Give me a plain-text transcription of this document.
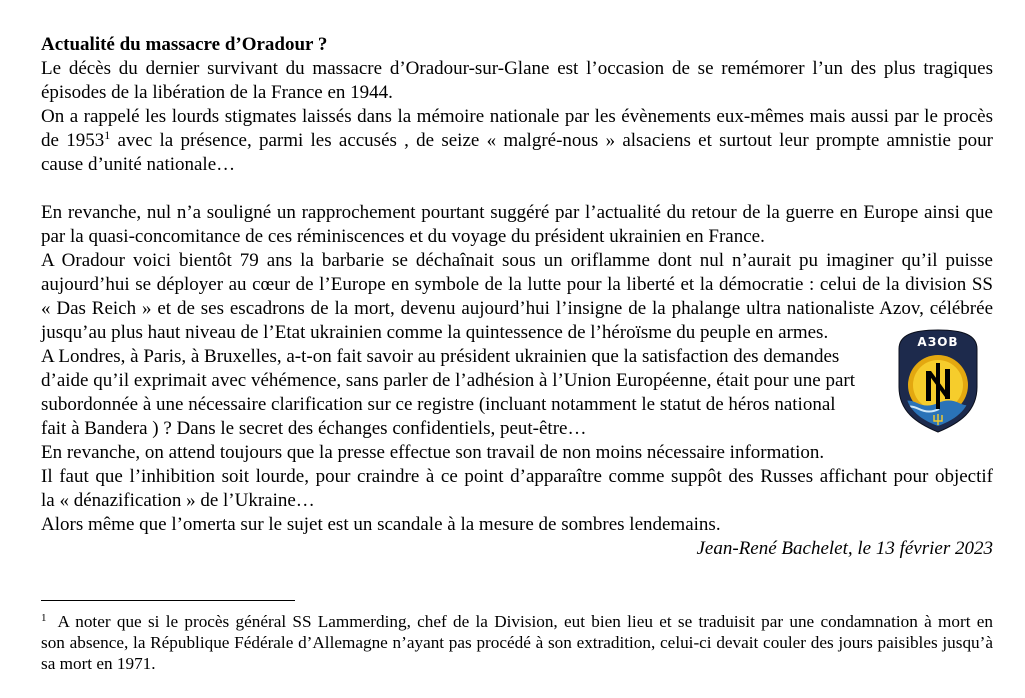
Actualité du massacre d’Oradour ?
Le décès du dernier survivant du massacre d’Oradour-sur-Glane est l’occasion de se remémorer l’un des plus tragiques
épisodes de la libération de la France en 1944.
On a rappelé les lourds stigmates laissés dans la mémoire nationale par les évènements eux-mêmes mais aussi par le procès
de 1953$^1$ avec la présence, parmi les accusés , de seize « malgré-nous » alsaciens et surtout leur prompte amnistie pour
cause d’unité nationale…
En revanche, nul n’a souligné un rapprochement pourtant suggéré par l’actualité du retour de la guerre en Europe ainsi que
par la quasi-concomitance de ces réminiscences et du voyage du président ukrainien en France.
A Oradour voici bientôt 79 ans la barbarie se déchaînait sous un oriflamme dont nul n’aurait pu imaginer qu’il puisse
aujourd’hui se déployer au cœur de l’Europe en symbole de la lutte pour la liberté et la démocratie : celui de la division SS
« Das Reich » et de ses escadrons de la mort, devenu aujourd’hui l’insigne de la phalange ultra nationaliste Azov, célébrée
jusqu’au plus haut niveau de l’Etat ukrainien comme la quintessence de l’héroïsme du peuple en armes.
A Londres, à Paris, à Bruxelles, a-t-on fait savoir au président ukrainien que la satisfaction des demandes
d’aide qu’il exprimait avec véhémence, sans parler de l’adhésion à l’Union Européenne, était pour une part
subordonnée à une nécessaire clarification sur ce registre (incluant notamment le statut de héros national
fait à Bandera ) ? Dans le secret des échanges confidentiels, peut-être…
En revanche, on attend toujours que la presse effectue son travail de non moins nécessaire information.
Il faut que l’inhibition soit lourde, pour craindre à ce point d’apparaître comme suppôt des Russes affichant pour objectif
la « dénazification » de l’Ukraine…
Alors même que l’omerta sur le sujet est un scandale à la mesure de sombres lendemains.
Jean-René Bachelet, le 13 février 2023
АЗОВ
$^1$ A noter que si le procès général SS Lammerding, chef de la Division, eut bien lieu et se traduisit par une condamnation à mort en
son absence, la République Fédérale d’Allemagne n’ayant pas procédé à son extradition, celui-ci devait couler des jours paisibles jusqu’à
sa mort en 1971.
